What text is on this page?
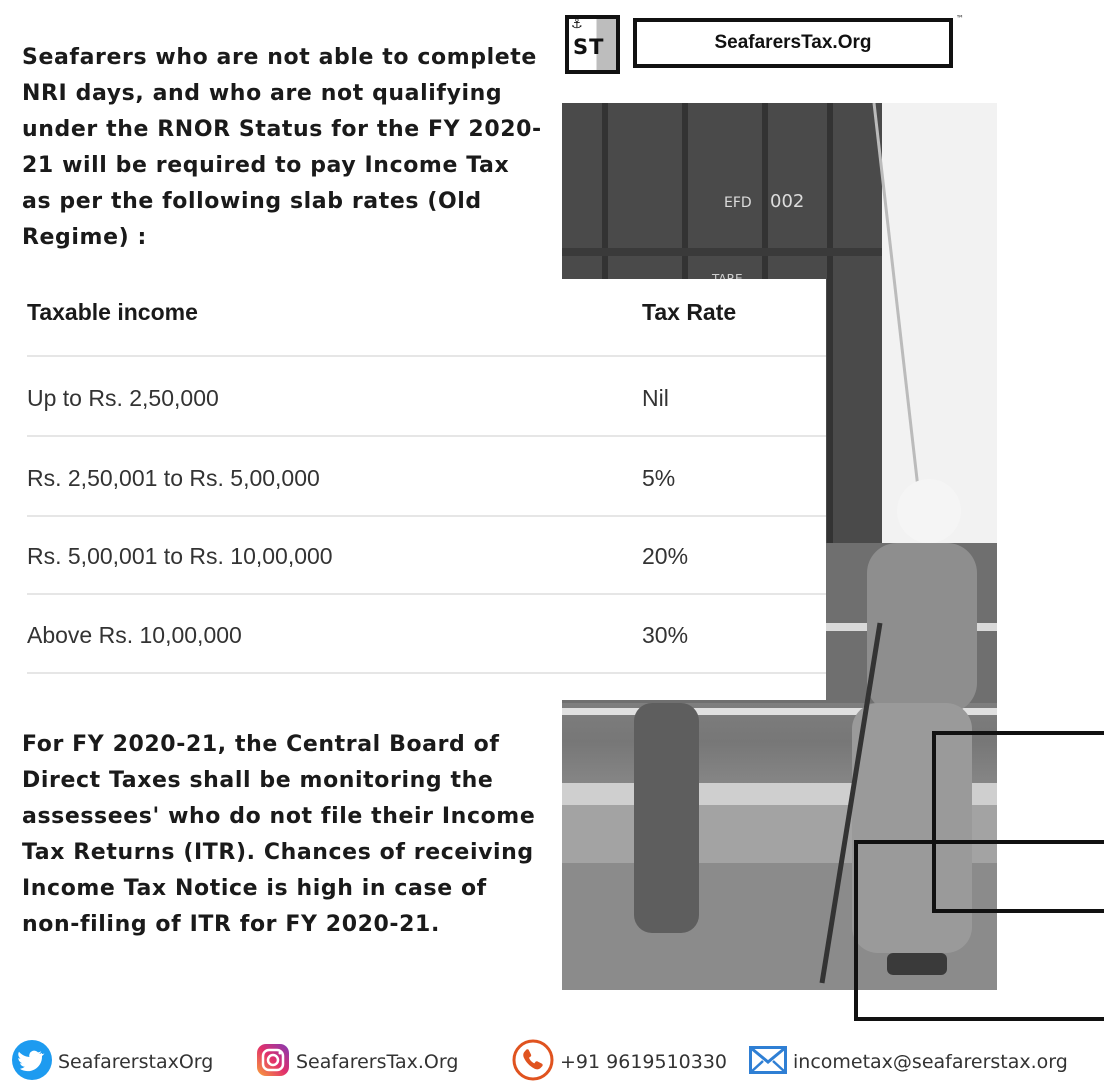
⚓
ST	SeafarersTax.Org
™
EFD 002

Seafarers who are not able to complete NRI days, and who are not qualifying under the RNOR Status for the FY 2020-21 will be required to pay Income Tax as per the following slab rates (Old Regime) :

Taxable income	Tax Rate
Up to Rs. 2,50,000	Nil
Rs. 2,50,001 to Rs. 5,00,000	5%
Rs. 5,00,001 to Rs. 10,00,000	20%
Above Rs. 10,00,000	30%

For FY 2020-21, the Central Board of Direct Taxes shall be monitoring the assessees' who do not file their Income Tax Returns (ITR). Chances of receiving Income Tax Notice is high in case of non-filing of ITR for FY 2020-21.

SeafarerstaxOrg	SeafarersTax.Org	+91 9619510330	incometax@seafarerstax.org
